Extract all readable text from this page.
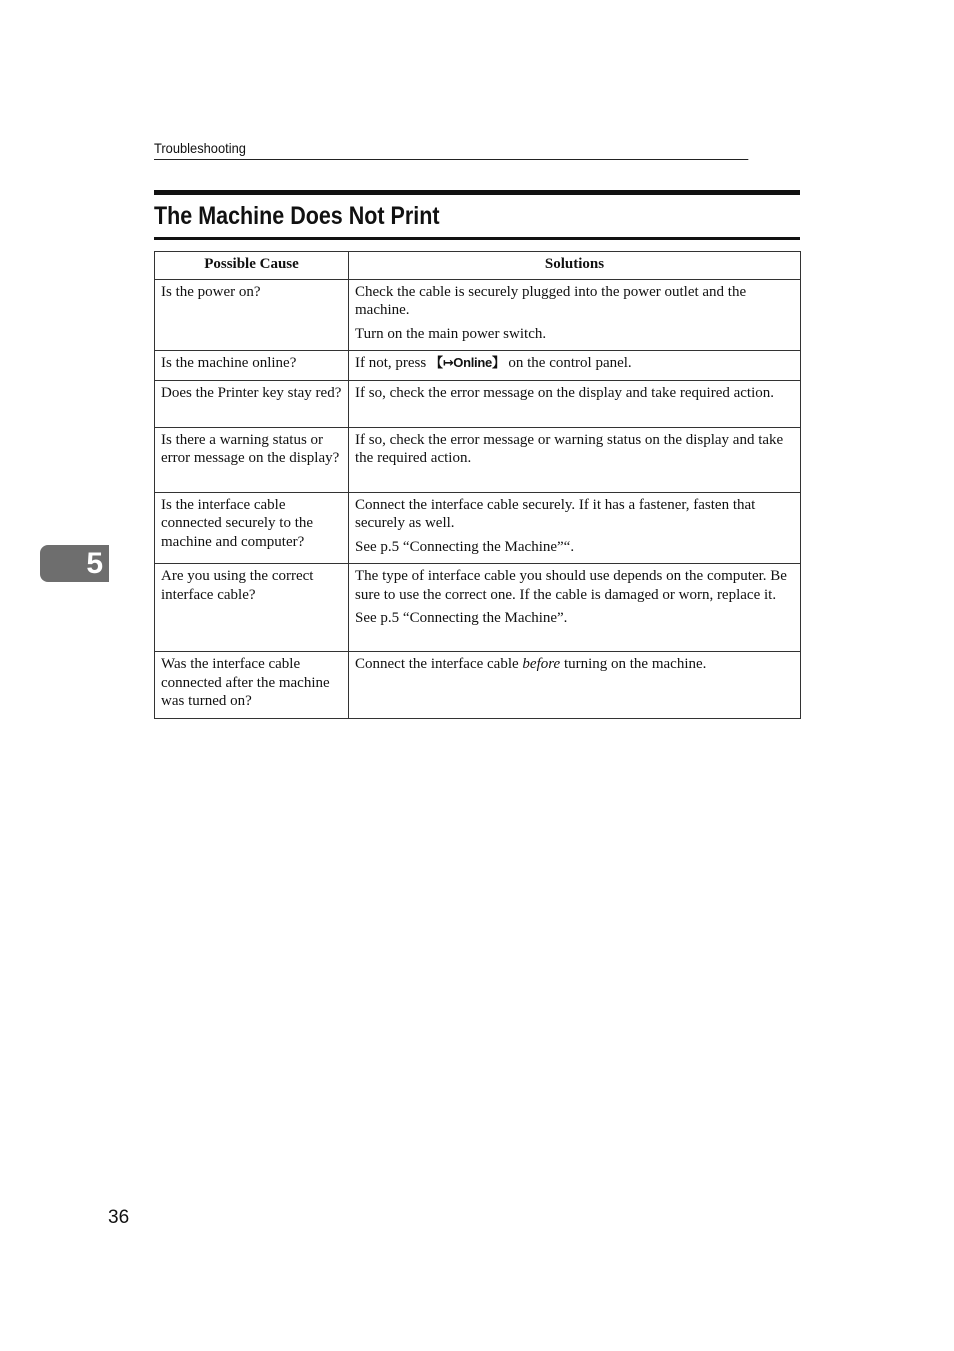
Troubleshooting
The Machine Does Not Print
Possible Cause	Solutions
Is the power on?	Check the cable is securely plugged into the power outlet and the machine.

Turn on the main power switch.

Is the machine online?	If not, press 【↦Online】 on the control panel.

Does the Printer key stay red?	If so, check the error message on the display and take required action.

Is there a warning status or error message on the display?	If so, check the error message or warning status on the display and take the required action.

Is the interface cable connected securely to the machine and computer?	Connect the interface cable securely. If it has a fastener, fasten that securely as well.

See p.5 “Connecting the Machine”“.

Are you using the correct interface cable?	The type of interface cable you should use depends on the computer. Be sure to use the correct one. If the cable is damaged or worn, replace it.

See p.5 “Connecting the Machine”.

Was the interface cable connected after the machine was turned on?	Connect the interface cable before turning on the machine.

5
36
